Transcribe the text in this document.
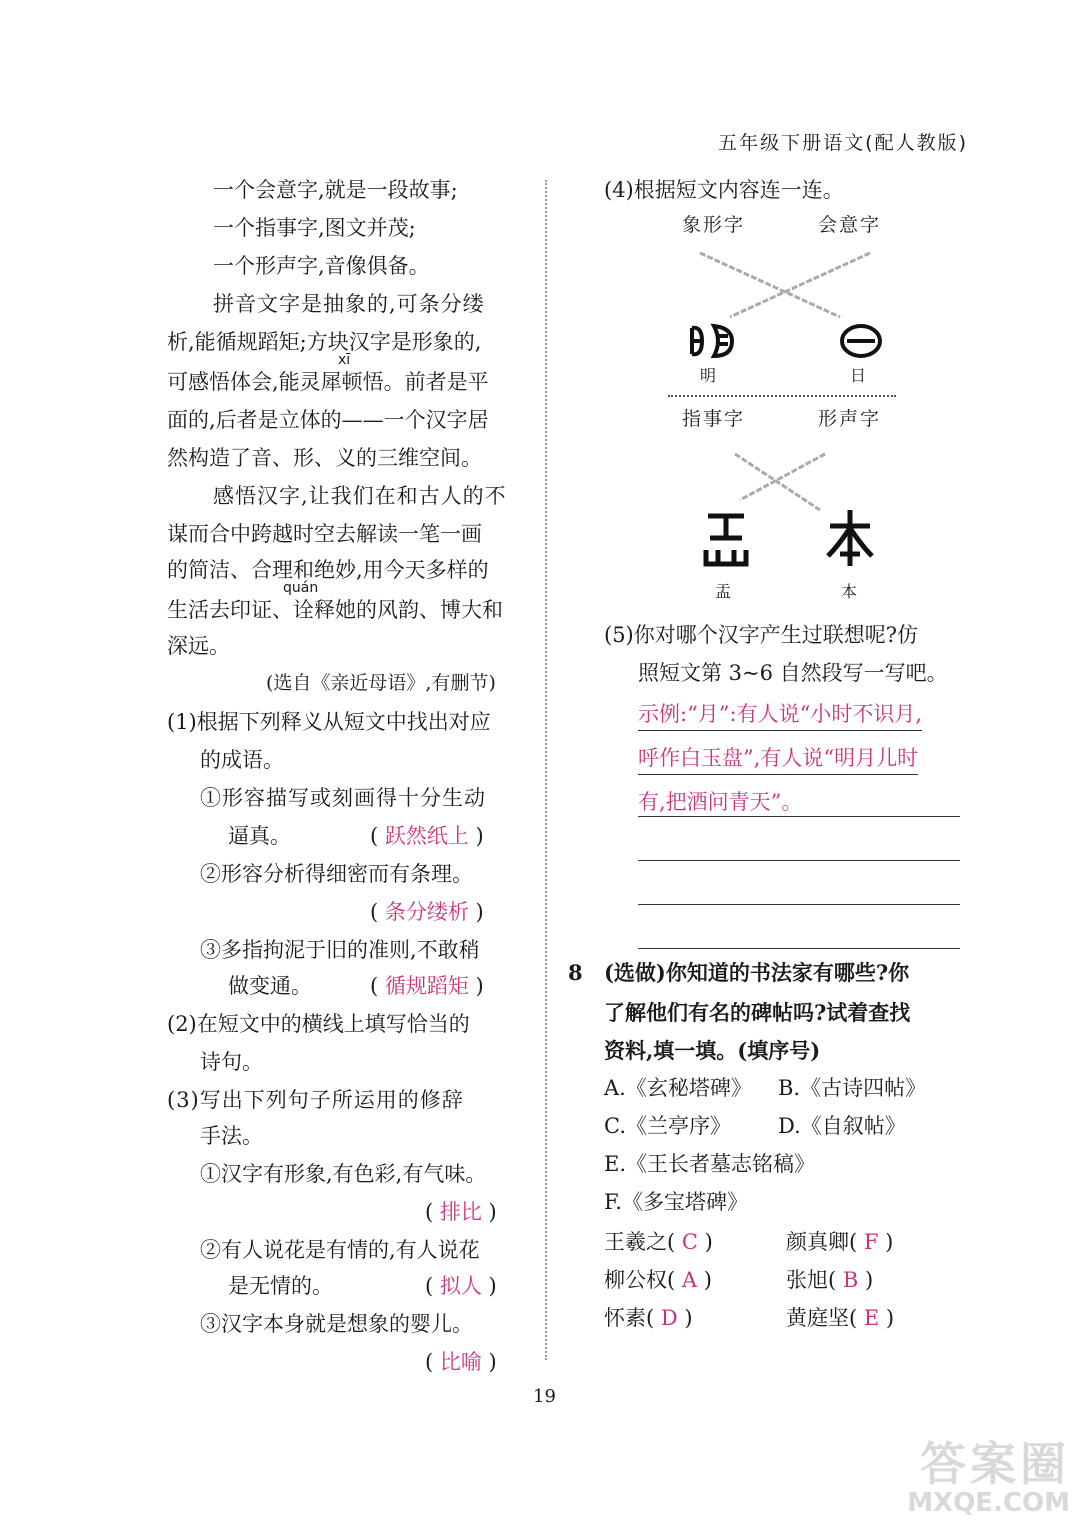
五年级下册语文(配人教版)
一个会意字,就是一段故事;
一个指事字,图文并茂;
一个形声字,音像俱备。
拼音文字是抽象的,可条分缕
析,能循规蹈矩;方块汉字是形象的,
xī
可感悟体会,能灵犀顿悟。前者是平
面的,后者是立体的——一个汉字居
然构造了音、形、义的三维空间。
感悟汉字,让我们在和古人的不
谋而合中跨越时空去解读一笔一画
的简洁、合理和绝妙,用今天多样的
quán
生活去印证、诠释她的风韵、博大和
深远。
(选自《亲近母语》,有删节)
(1)根据下列释义从短文中找出对应
的成语。
①形容描写或刻画得十分生动
逼真。	( 跃然纸上 )
②形容分析得细密而有条理。
( 条分缕析 )
③多指拘泥于旧的准则,不敢稍
做变通。	( 循规蹈矩 )
(2)在短文中的横线上填写恰当的
诗句。
(3)写出下列句子所运用的修辞
手法。
①汉字有形象,有色彩,有气味。
( 排比 )
②有人说花是有情的,有人说花
是无情的。	( 拟人 )
③汉字本身就是想象的婴儿。
( 比喻 )
(4)根据短文内容连一连。
象形字	会意字
明	日
指事字	形声字
盂	本
(5)你对哪个汉字产生过联想呢?仿
照短文第 3~6 自然段写一写吧。
示例:“月”:有人说“小时不识月,
呼作白玉盘”,有人说“明月儿时
有,把酒问青天”。
8 (选做)你知道的书法家有哪些?你
了解他们有名的碑帖吗?试着查找
资料,填一填。(填序号)
A.《玄秘塔碑》 B.《古诗四帖》
C.《兰亭序》 D.《自叙帖》
E.《王长者墓志铭稿》
F.《多宝塔碑》
王羲之( C )	颜真卿( F )
柳公权( A )	张旭( B )
怀素( D )	黄庭坚( E )
19
答案圈
MXQE.COM
